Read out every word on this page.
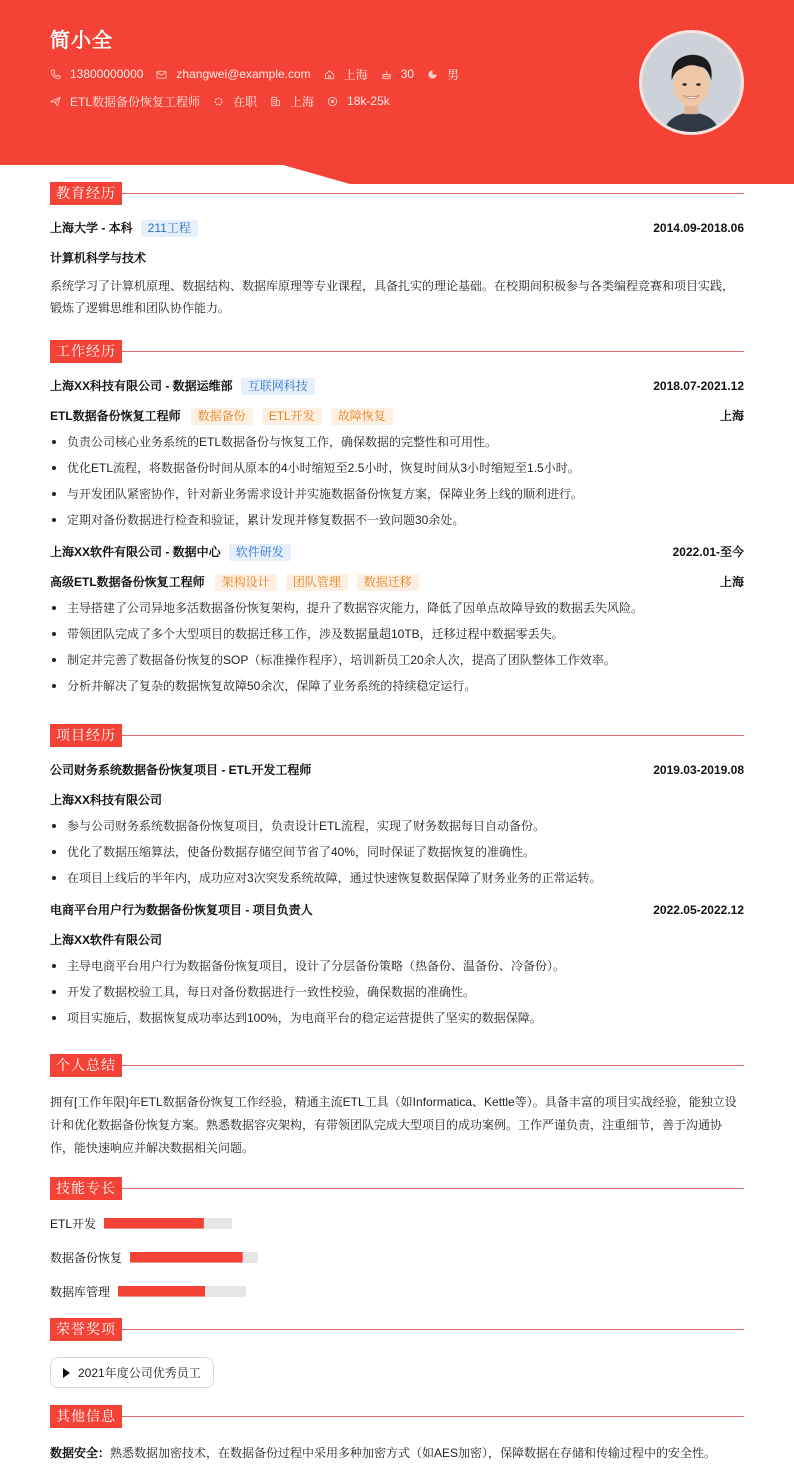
简小全
13800000000	zhangwei@example.com	上海	30	男
ETL数据备份恢复工程师	在职	上海	18k-25k
教育经历
上海大学 - 本科	211工程	2014.09-2018.06
计算机科学与技术
系统学习了计算机原理、数据结构、数据库原理等专业课程，具备扎实的理论基础。在校期间积极参与各类编程竞赛和项目实践，锻炼了逻辑思维和团队协作能力。
工作经历
上海XX科技有限公司 - 数据运维部	互联网科技	2018.07-2021.12
ETL数据备份恢复工程师	数据备份	ETL开发	故障恢复	上海
负责公司核心业务系统的ETL数据备份与恢复工作，确保数据的完整性和可用性。
优化ETL流程，将数据备份时间从原本的4小时缩短至2.5小时，恢复时间从3小时缩短至1.5小时。
与开发团队紧密协作，针对新业务需求设计并实施数据备份恢复方案，保障业务上线的顺利进行。
定期对备份数据进行检查和验证，累计发现并修复数据不一致问题30余处。
上海XX软件有限公司 - 数据中心	软件研发	2022.01-至今
高级ETL数据备份恢复工程师	架构设计	团队管理	数据迁移	上海
主导搭建了公司异地多活数据备份恢复架构，提升了数据容灾能力，降低了因单点故障导致的数据丢失风险。
带领团队完成了多个大型项目的数据迁移工作，涉及数据量超10TB，迁移过程中数据零丢失。
制定并完善了数据备份恢复的SOP（标准操作程序），培训新员工20余人次，提高了团队整体工作效率。
分析并解决了复杂的数据恢复故障50余次，保障了业务系统的持续稳定运行。
项目经历
公司财务系统数据备份恢复项目 - ETL开发工程师	2019.03-2019.08
上海XX科技有限公司
参与公司财务系统数据备份恢复项目，负责设计ETL流程，实现了财务数据每日自动备份。
优化了数据压缩算法，使备份数据存储空间节省了40%，同时保证了数据恢复的准确性。
在项目上线后的半年内，成功应对3次突发系统故障，通过快速恢复数据保障了财务业务的正常运转。
电商平台用户行为数据备份恢复项目 - 项目负责人	2022.05-2022.12
上海XX软件有限公司
主导电商平台用户行为数据备份恢复项目，设计了分层备份策略（热备份、温备份、冷备份）。
开发了数据校验工具，每日对备份数据进行一致性校验，确保数据的准确性。
项目实施后，数据恢复成功率达到100%，为电商平台的稳定运营提供了坚实的数据保障。
个人总结
拥有[工作年限]年ETL数据备份恢复工作经验，精通主流ETL工具（如Informatica、Kettle等）。具备丰富的项目实战经验，能独立设计和优化数据备份恢复方案。熟悉数据容灾架构，有带领团队完成大型项目的成功案例。工作严谨负责，注重细节，善于沟通协作，能快速响应并解决数据相关问题。
技能专长
ETL开发
数据备份恢复
数据库管理
荣誉奖项
2021年度公司优秀员工
其他信息
数据安全：熟悉数据加密技术，在数据备份过程中采用多种加密方式（如AES加密），保障数据在存储和传输过程中的安全性。
